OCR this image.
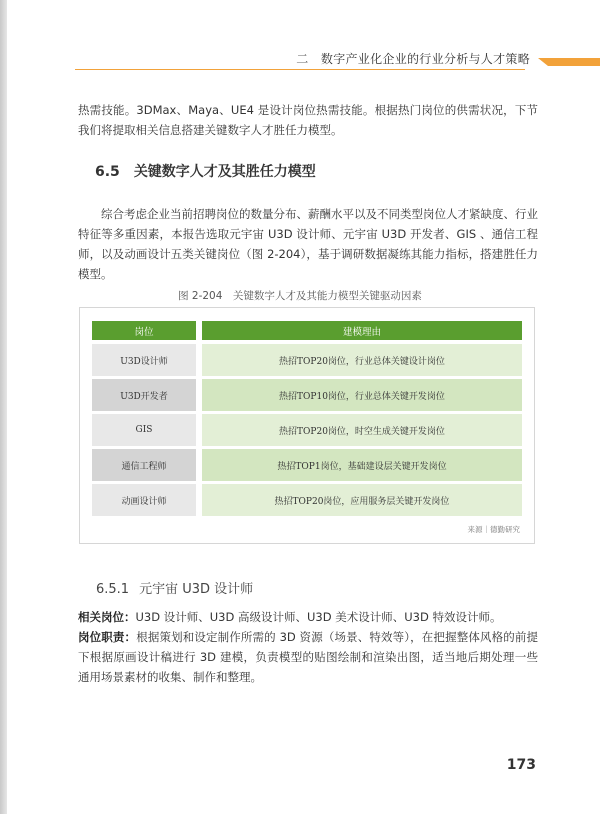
二　数字产业化企业的行业分析与人才策略
热需技能。3DMax、Maya、UE4 是设计岗位热需技能。根据热门岗位的供需状况，下节我们将提取相关信息搭建关键数字人才胜任力模型。
6.5 关键数字人才及其胜任力模型
综合考虑企业当前招聘岗位的数量分布、薪酬水平以及不同类型岗位人才紧缺度、行业特征等多重因素，本报告选取元宇宙 U3D 设计师、元宇宙 U3D 开发者、GIS 、通信工程师，以及动画设计五类关键岗位（图 2-204），基于调研数据凝练其能力指标，搭建胜任力模型。
图 2-204　关键数字人才及其能力模型关键驱动因素
岗位	建模理由
U3D设计师	热招TOP20岗位，行业总体关键设计岗位
U3D开发者	热招TOP10岗位，行业总体关键开发岗位
GIS	热招TOP20岗位，时空生成关键开发岗位
通信工程师	热招TOP1岗位，基础建设层关键开发岗位
动画设计师	热招TOP20岗位，应用服务层关键开发岗位
来源｜德勤研究
6.5.1 元宇宙 U3D 设计师
相关岗位：U3D 设计师、U3D 高级设计师、U3D 美术设计师、U3D 特效设计师。
岗位职责：根据策划和设定制作所需的 3D 资源（场景、特效等），在把握整体风格的前提下根据原画设计稿进行 3D 建模，负责模型的贴图绘制和渲染出图，适当地后期处理一些通用场景素材的收集、制作和整理。
173
